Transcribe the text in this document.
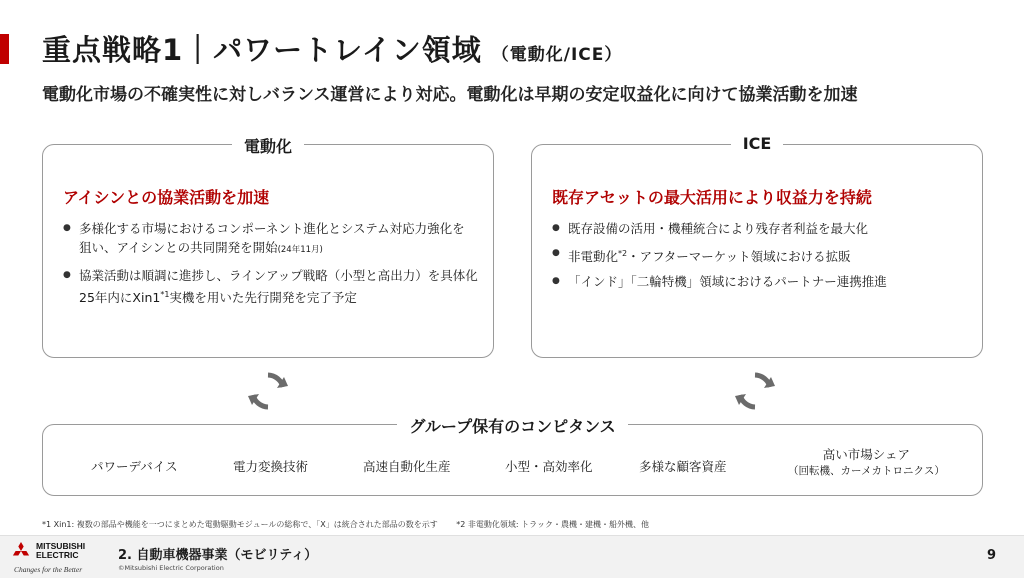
重点戦略1｜パワートレイン領域 （電動化/ICE）
電動化市場の不確実性に対しバランス運営により対応。電動化は早期の安定収益化に向けて協業活動を加速
電動化
アイシンとの協業活動を加速
● 多様化する市場におけるコンポーネント進化とシステム対応力強化を
狙い、アイシンとの共同開発を開始(24年11月)
● 協業活動は順調に進捗し、ラインアップ戦略（小型と高出力）を具体化
25年内にXin1$^{*1}$実機を用いた先行開発を完了予定
ICE
既存アセットの最大活用により収益力を持続
● 既存設備の活用・機種統合により残存者利益を最大化
● 非電動化$^{*2}$・アフターマーケット領域における拡販
● 「インド」「二輪特機」領域におけるパートナー連携推進
グループ保有のコンピタンス
パワーデバイス	電力変換技術	高速自動化生産	小型・高効率化	多様な顧客資産
高い市場シェア
（回転機、カーメカトロニクス）
*1 Xin1: 複数の部品や機能を一つにまとめた電動駆動モジュールの総称で、「X」は統合された部品の数を示す *2 非電動化領域: トラック・農機・建機・船外機、他
MITSUBISHI
ELECTRIC
Changes for the Better
2. 自動車機器事業（モビリティ）
©Mitsubishi Electric Corporation
9
